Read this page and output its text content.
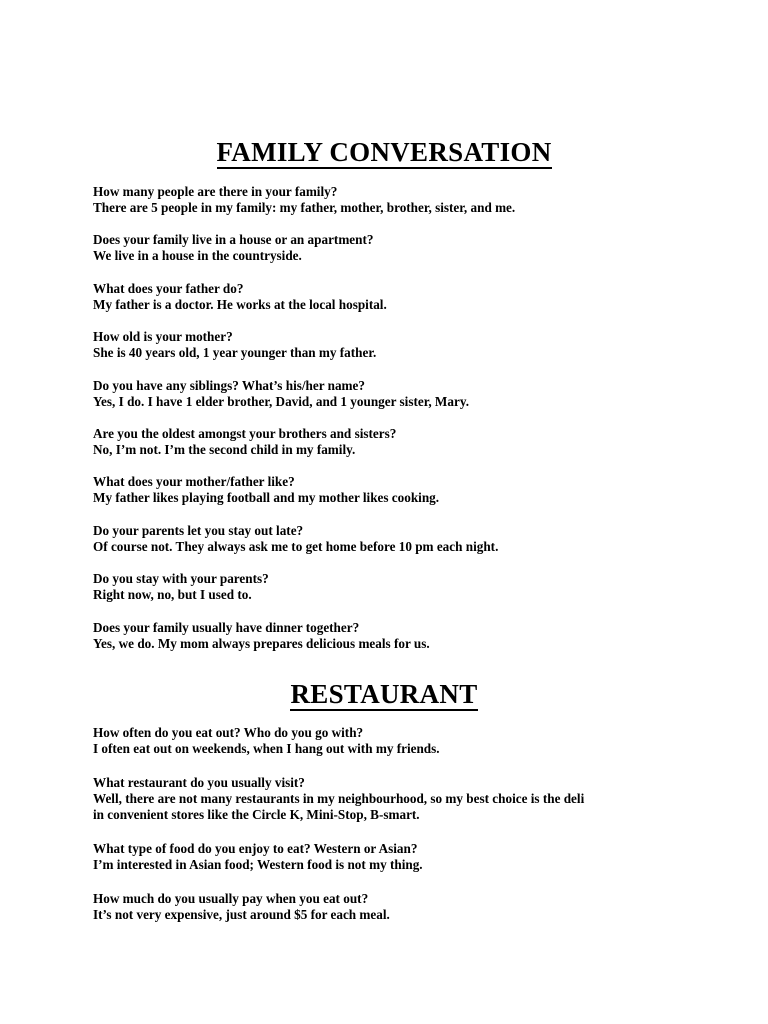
FAMILY CONVERSATION

How many people are there in your family?

There are 5 people in my family: my father, mother, brother, sister, and me.

Does your family live in a house or an apartment?

We live in a house in the countryside.

What does your father do?

My father is a doctor. He works at the local hospital.

How old is your mother?

She is 40 years old, 1 year younger than my father.

Do you have any siblings? What’s his/her name?

Yes, I do. I have 1 elder brother, David, and 1 younger sister, Mary.

Are you the oldest amongst your brothers and sisters?

No, I’m not. I’m the second child in my family.

What does your mother/father like?

My father likes playing football and my mother likes cooking.

Do your parents let you stay out late?

Of course not. They always ask me to get home before 10 pm each night.

Do you stay with your parents?

Right now, no, but I used to.

Does your family usually have dinner together?

Yes, we do. My mom always prepares delicious meals for us.

RESTAURANT

How often do you eat out? Who do you go with?

I often eat out on weekends, when I hang out with my friends.

What restaurant do you usually visit?

Well, there are not many restaurants in my neighbourhood, so my best choice is the deli

in convenient stores like the Circle K, Mini-Stop, B-smart.

What type of food do you enjoy to eat? Western or Asian?

I’m interested in Asian food; Western food is not my thing.

How much do you usually pay when you eat out?

It’s not very expensive, just around $5 for each meal.
